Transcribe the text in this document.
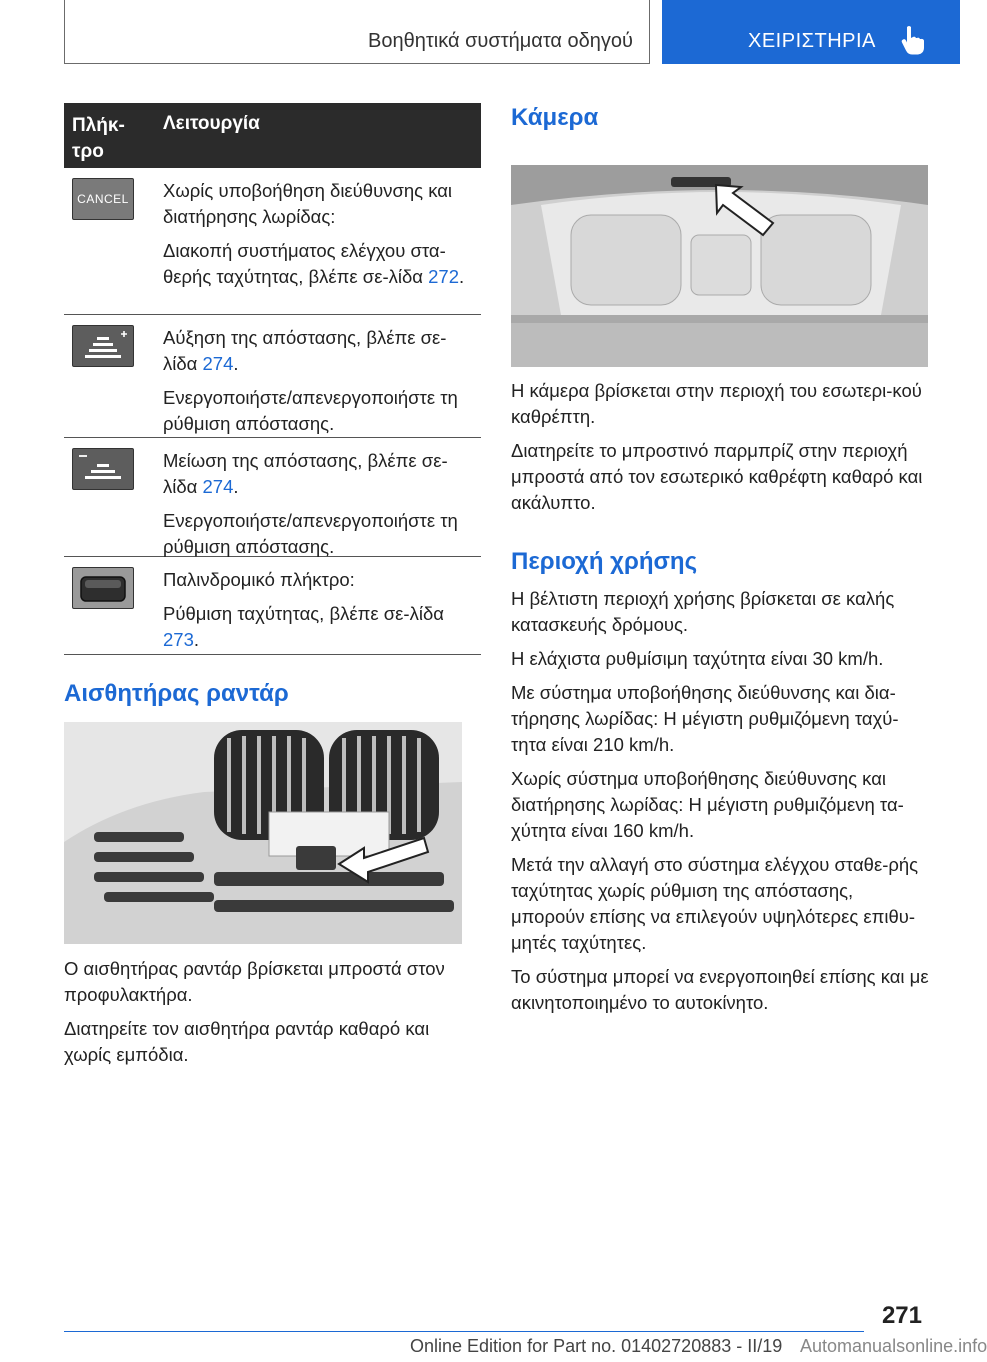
Βοηθητικά συστήματα οδηγού	ΧΕΙΡΙΣΤΗΡΙΑ
Πλήκ-
τρο
Λειτουργία
CANCEL Χωρίς υποβοήθηση διεύθυνσης και διατήρησης λωρίδας:

Διακοπή συστήματος ελέγχου στα-θερής ταχύτητας, βλέπε σε-λίδα 272.

Αύξηση της απόστασης, βλέπε σε-λίδα 274.

Ενεργοποιήστε/απενεργοποιήστε τη ρύθμιση απόστασης.

Μείωση της απόστασης, βλέπε σε-λίδα 274.

Ενεργοποιήστε/απενεργοποιήστε τη ρύθμιση απόστασης.

Παλινδρομικό πλήκτρο:

Ρύθμιση ταχύτητας, βλέπε σε-λίδα 273.

Αισθητήρας ραντάρ

Ο αισθητήρας ραντάρ βρίσκεται μπροστά στον προφυλακτήρα.

Διατηρείτε τον αισθητήρα ραντάρ καθαρό και χωρίς εμπόδια.

Κάμερα

Η κάμερα βρίσκεται στην περιοχή του εσωτερι-κού καθρέπτη.

Διατηρείτε το μπροστινό παρμπρίζ στην περιοχή μπροστά από τον εσωτερικό καθρέφτη καθαρό και ακάλυπτο.

Περιοχή χρήσης

Η βέλτιστη περιοχή χρήσης βρίσκεται σε καλής κατασκευής δρόμους.

Η ελάχιστα ρυθμίσιμη ταχύτητα είναι 30 km/h.

Με σύστημα υποβοήθησης διεύθυνσης και δια-τήρησης λωρίδας: Η μέγιστη ρυθμιζόμενη ταχύ-τητα είναι 210 km/h.

Χωρίς σύστημα υποβοήθησης διεύθυνσης και διατήρησης λωρίδας: Η μέγιστη ρυθμιζόμενη τα-χύτητα είναι 160 km/h.

Μετά την αλλαγή στο σύστημα ελέγχου σταθε-ρής ταχύτητας χωρίς ρύθμιση της απόστασης, μπορούν επίσης να επιλεγούν υψηλότερες επιθυ-μητές ταχύτητες.

Το σύστημα μπορεί να ενεργοποιηθεί επίσης και με ακινητοποιημένο το αυτοκίνητο.

271
Online Edition for Part no. 01402720883 - II/19 Automanualsonline.info
